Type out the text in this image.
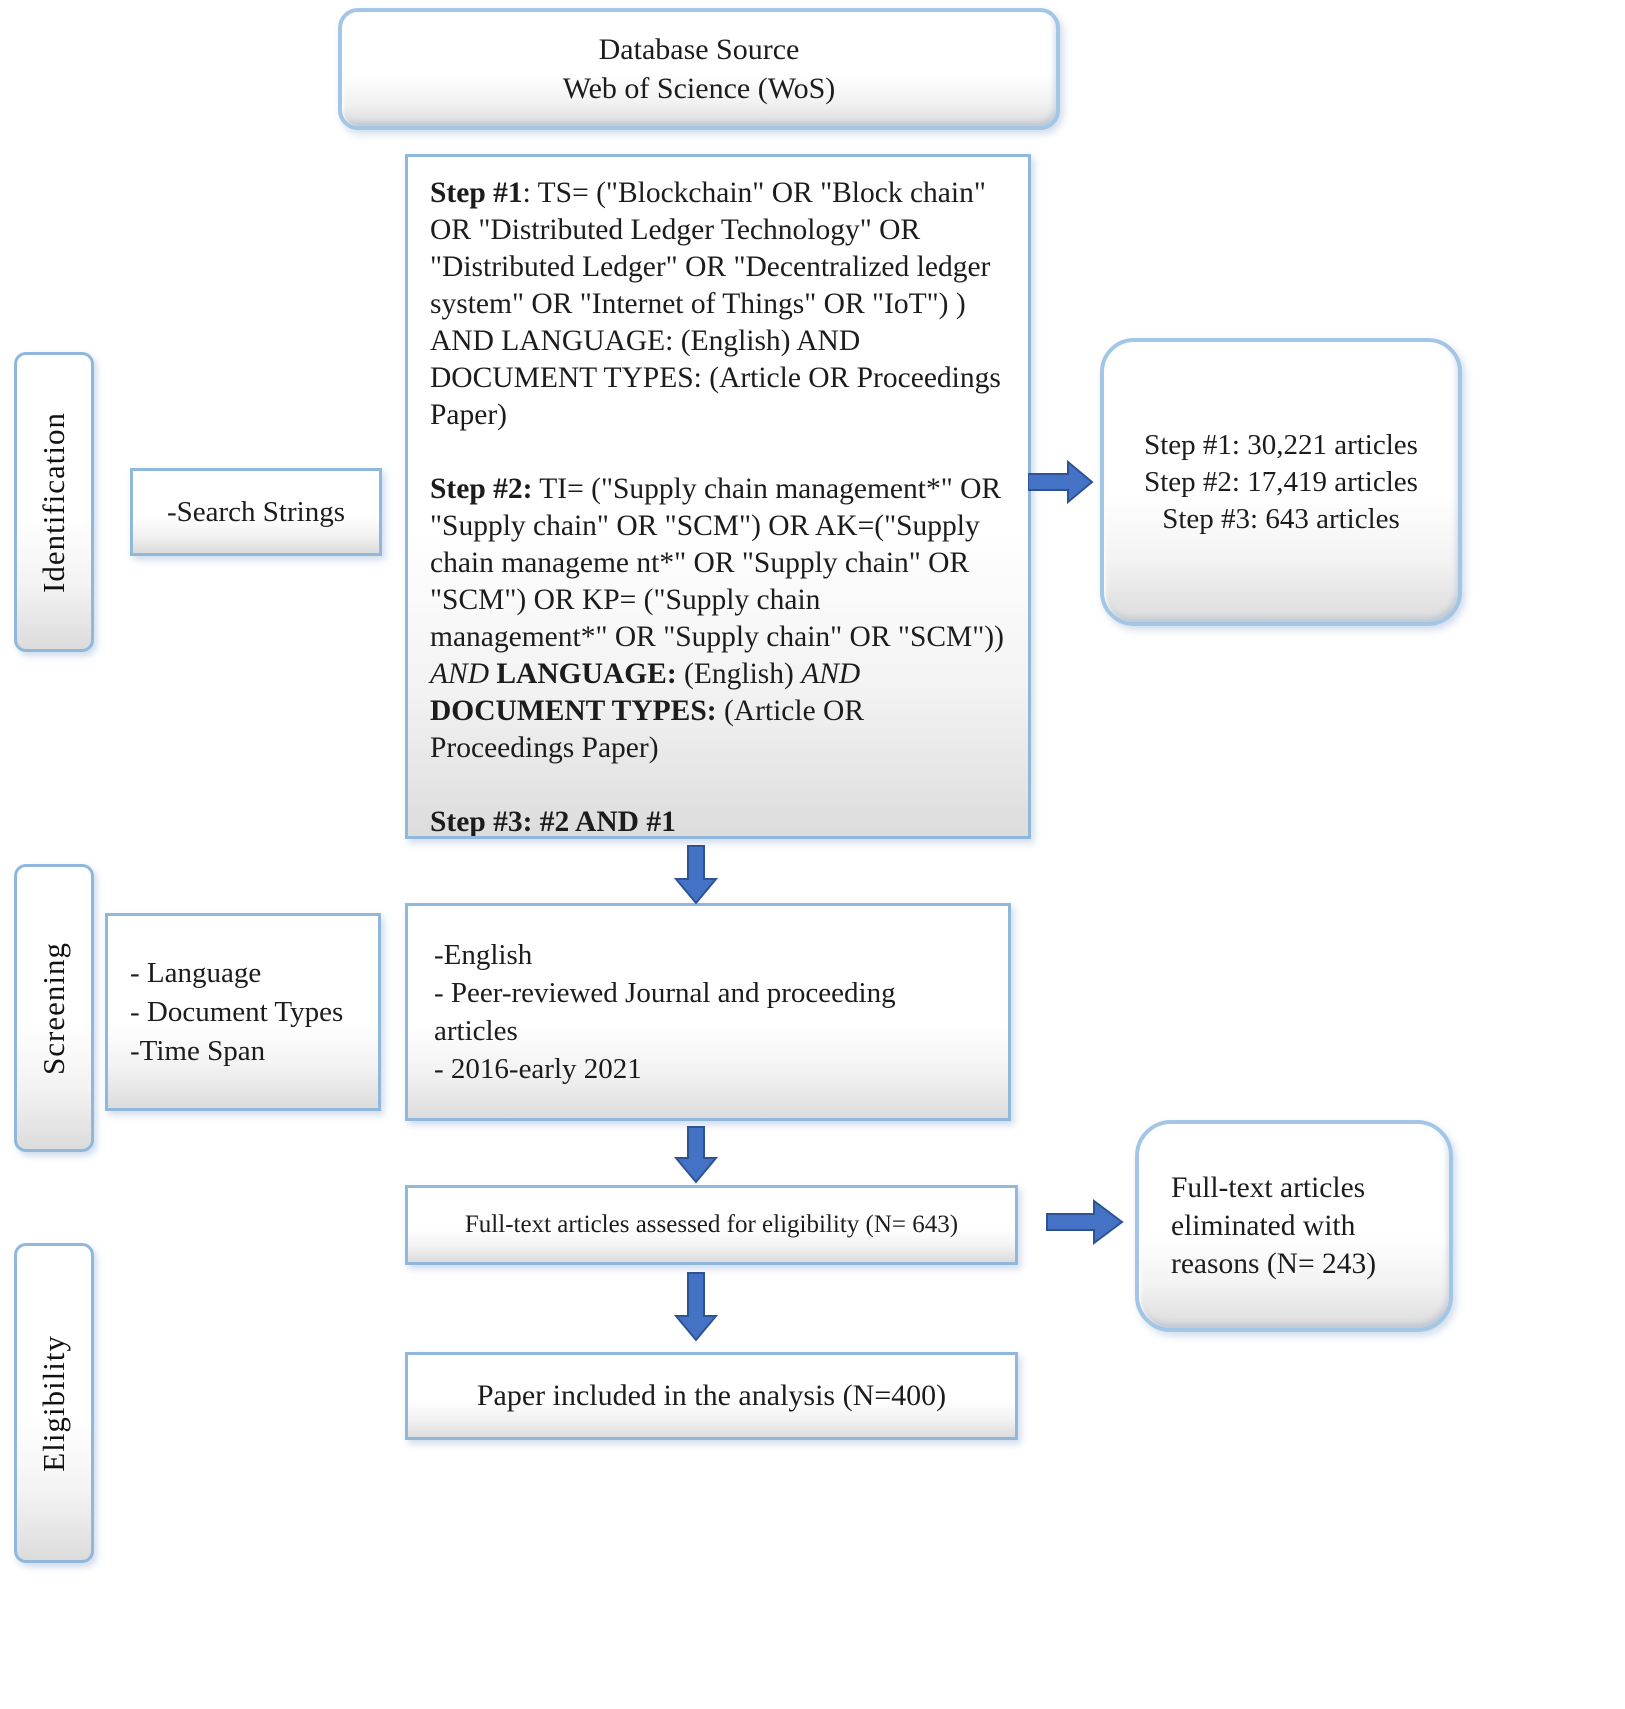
Database Source
Web of Science (WoS)
Identification
Screening
Eligibility
-Search Strings

Step #1: TS= ("Blockchain" OR "Block chain" OR "Distributed Ledger Technology" OR "Distributed Ledger" OR "Decentralized ledger system" OR "Internet of Things" OR "IoT") ) AND LANGUAGE: (English) AND DOCUMENT TYPES: (Article OR Proceedings Paper)

Step #2: TI= ("Supply chain management*" OR "Supply chain" OR "SCM") OR AK=("Supply chain manageme nt*" OR "Supply chain" OR "SCM") OR KP= ("Supply chain management*" OR "Supply chain" OR "SCM")) AND LANGUAGE: (English) AND DOCUMENT TYPES: (Article OR Proceedings Paper)

Step #3: #2 AND #1

Step #1: 30,221 articles
Step #2: 17,419 articles
Step #3: 643 articles
- Language
- Document Types
-Time Span
-English
- Peer-reviewed Journal and proceeding articles
- 2016-early 2021
Full-text articles assessed for eligibility (N= 643)
Full-text articles eliminated with reasons (N= 243)
Paper included in the analysis (N=400)
